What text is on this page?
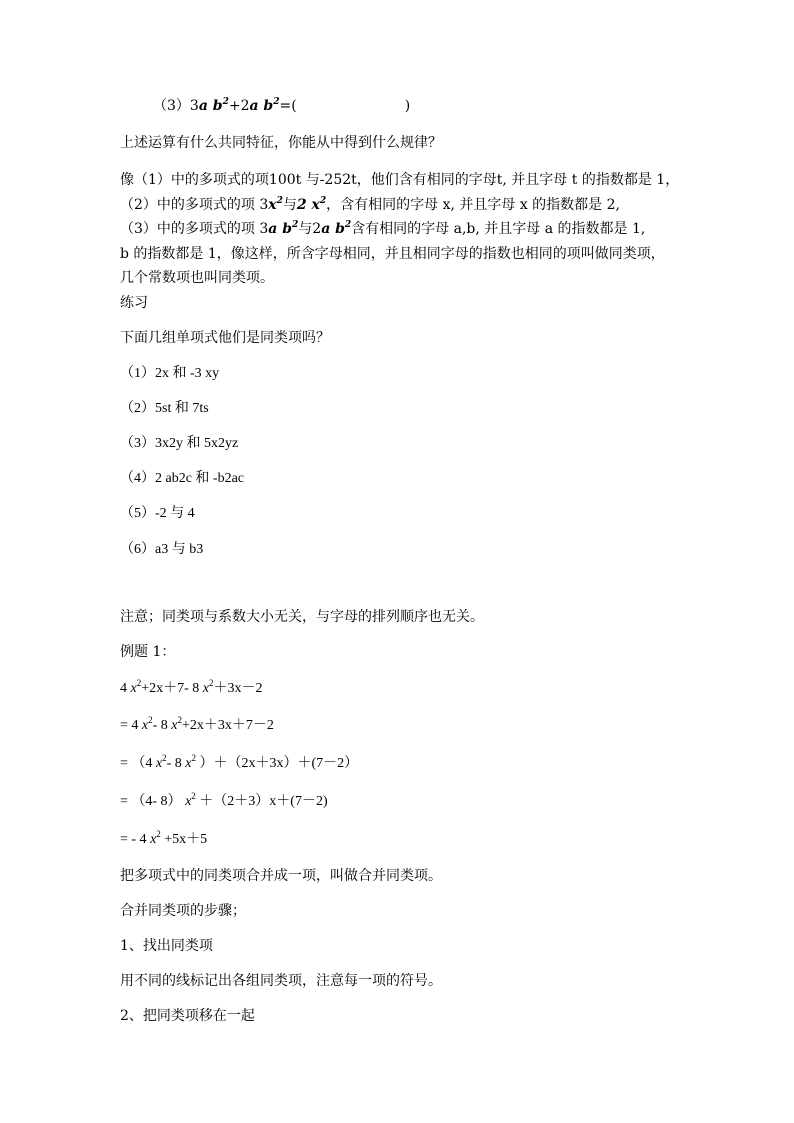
（3）3a $b^2+2a$ $b^2=$(	)
上述运算有什么共同特征，你能从中得到什么规律？
像（1）中的多项式的项100t 与-252t，他们含有相同的字母t, 并且字母 t 的指数都是 1，
（2）中的多项式的项 $3x^2$与2 $x^2$，含有相同的字母 x, 并且字母 x 的指数都是 2,
（3）中的多项式的项 3a $b^2$与2a $b^2$含有相同的字母 a,b, 并且字母 a 的指数都是 1,
b 的指数都是 1，像这样，所含字母相同，并且相同字母的指数也相同的项叫做同类项，
几个常数项也叫同类项。
练习
下面几组单项式他们是同类项吗？
（1）2x 和 -3 xy
（2）5st 和 7ts
（3）3x2y 和 5x2yz
（4）2 ab2c 和 -b2ac
（5）-2 与 4
（6）a3 与 b3
注意；同类项与系数大小无关，与字母的排列顺序也无关。
例题 1：
4 $x^2+2x+7-$ 8 $x^2+3x-2$
= 4 $x^2-$ 8 $x^2+2x+3x+7-2$
= （4 $x^2-$ 8 $x^2$ ）＋（2x＋3x）＋(7－2）
= （4- 8） $x^2 +(2+3)x+(7-2)$
= - 4 $x^2 +5x+5$
把多项式中的同类项合并成一项，叫做合并同类项。
合并同类项的步骤；
1、找出同类项
用不同的线标记出各组同类项，注意每一项的符号。
2、把同类项移在一起
